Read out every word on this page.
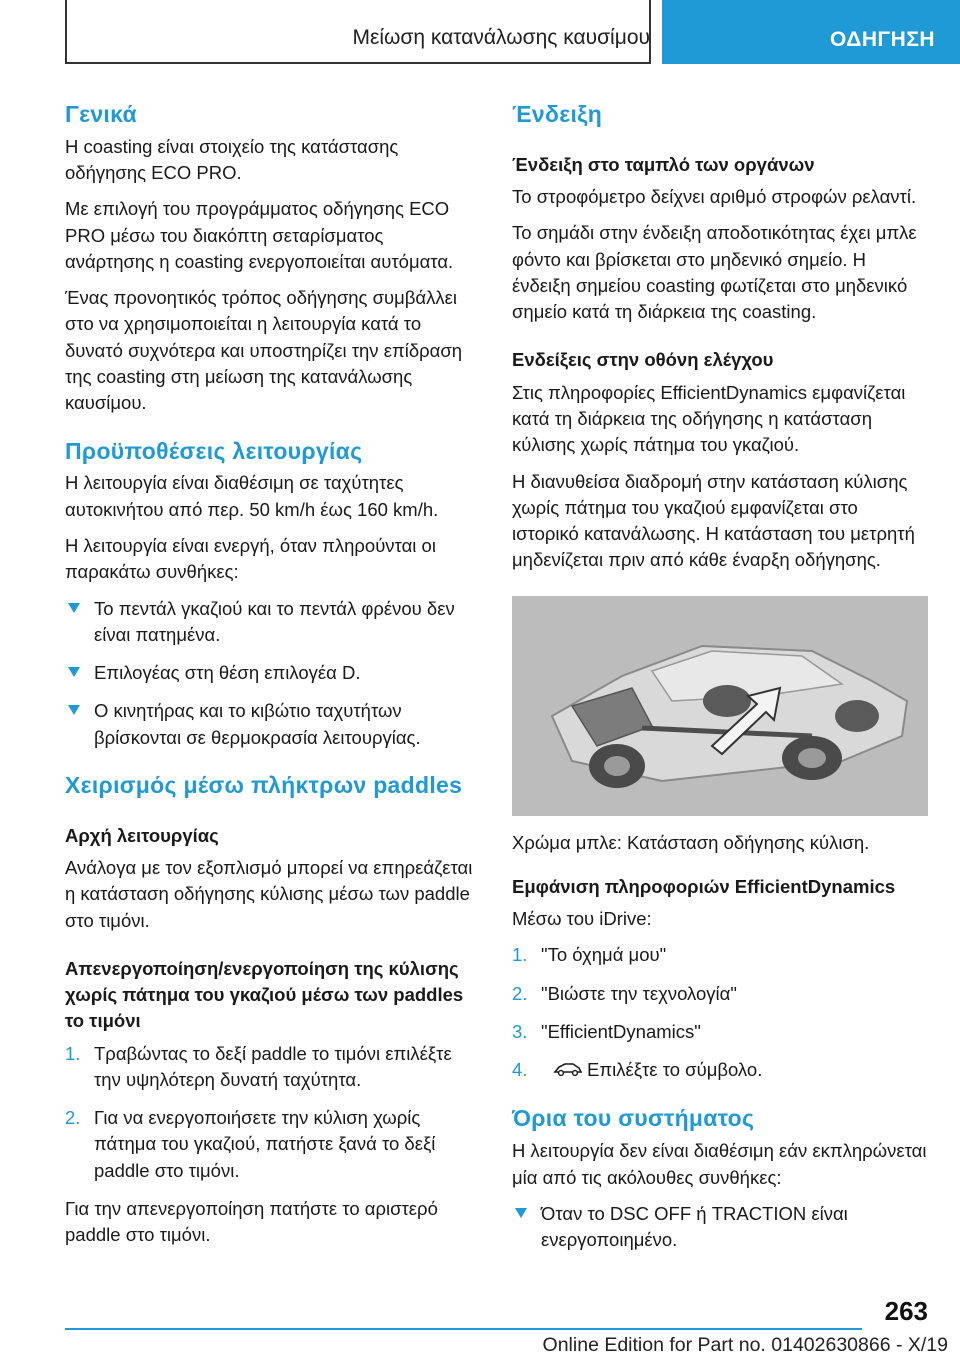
Μείωση κατανάλωσης καυσίμου	ΟΔΗΓΗΣΗ
Γενικά

Η coasting είναι στοιχείο της κατάστασης οδήγησης ECO PRO.

Με επιλογή του προγράμματος οδήγησης ECO PRO μέσω του διακόπτη σεταρίσματος ανάρτησης η coasting ενεργοποιείται αυτόματα.

Ένας προνοητικός τρόπος οδήγησης συμβάλλει στο να χρησιμοποιείται η λειτουργία κατά το δυνατό συχνότερα και υποστηρίζει την επίδραση της coasting στη μείωση της κατανάλωσης καυσίμου.

Προϋποθέσεις λειτουργίας

Η λειτουργία είναι διαθέσιμη σε ταχύτητες αυτοκινήτου από περ. 50 km/h έως 160 km/h.

Η λειτουργία είναι ενεργή, όταν πληρούνται οι παρακάτω συνθήκες:

Το πεντάλ γκαζιού και το πεντάλ φρένου δεν είναι πατημένα.
Επιλογέας στη θέση επιλογέα D.
Ο κινητήρας και το κιβώτιο ταχυτήτων βρίσκονται σε θερμοκρασία λειτουργίας.
Χειρισμός μέσω πλήκτρων paddles
Αρχή λειτουργίας

Ανάλογα με τον εξοπλισμό μπορεί να επηρεάζεται η κατάσταση οδήγησης κύλισης μέσω των paddle στο τιμόνι.

Απενεργοποίηση/ενεργοποίηση της κύλισης χωρίς πάτημα του γκαζιού μέσω των paddles το τιμόνι
1. Τραβώντας το δεξί paddle το τιμόνι επιλέξτε την υψηλότερη δυνατή ταχύτητα.
2. Για να ενεργοποιήσετε την κύλιση χωρίς πάτημα του γκαζιού, πατήστε ξανά το δεξί paddle στο τιμόνι.

Για την απενεργοποίηση πατήστε το αριστερό paddle στο τιμόνι.

Ένδειξη
Ένδειξη στο ταμπλό των οργάνων

Το στροφόμετρο δείχνει αριθμό στροφών ρελαντί.

Το σημάδι στην ένδειξη αποδοτικότητας έχει μπλε φόντο και βρίσκεται στο μηδενικό σημείο. Η ένδειξη σημείου coasting φωτίζεται στο μηδενικό σημείο κατά τη διάρκεια της coasting.

Ενδείξεις στην οθόνη ελέγχου

Στις πληροφορίες EfficientDynamics εμφανίζεται κατά τη διάρκεια της οδήγησης η κατάσταση κύλισης χωρίς πάτημα του γκαζιού.

Η διανυθείσα διαδρομή στην κατάσταση κύλισης χωρίς πάτημα του γκαζιού εμφανίζεται στο ιστορικό κατανάλωσης. Η κατάσταση του μετρητή μηδενίζεται πριν από κάθε έναρξη οδήγησης.

Χρώμα μπλε: Κατάσταση οδήγησης κύλιση.

Εμφάνιση πληροφοριών EfficientDynamics

Μέσω του iDrive:

1. "Το όχημά μου"
2. "Βιώστε την τεχνολογία"
3. "EfficientDynamics"
4.	Επιλέξτε το σύμβολο.
Όρια του συστήματος

Η λειτουργία δεν είναι διαθέσιμη εάν εκπληρώνεται μία από τις ακόλουθες συνθήκες:

Όταν το DSC OFF ή TRACTION είναι ενεργοποιημένο.
263
Online Edition for Part no. 01402630866 - X/19
